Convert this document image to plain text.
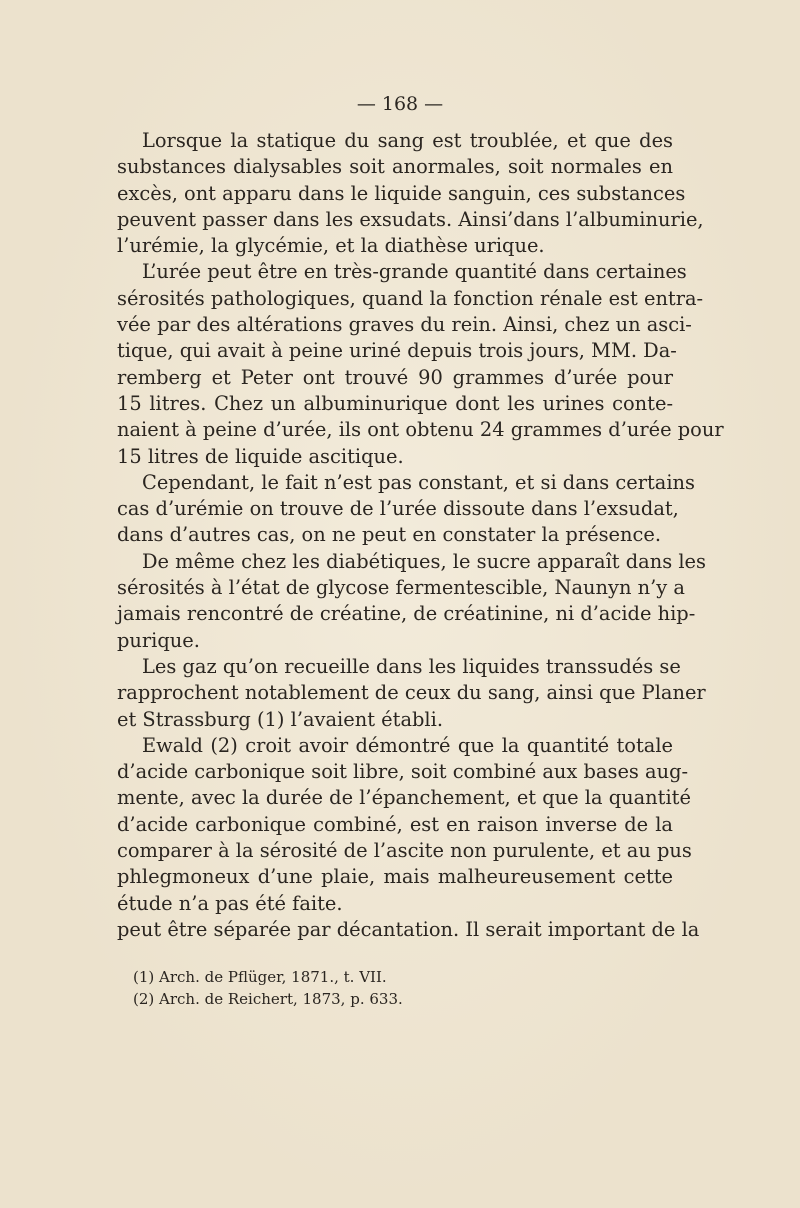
— 168 —
Lorsque la statique du sang est troublée, et que des
substances dialysables soit anormales, soit normales en
excès, ont apparu dans le liquide sanguin, ces substances
peuvent passer dans les exsudats. Ainsi’dans l’albuminurie,
l’urémie, la glycémie, et la diathèse urique.
L’urée peut être en très-grande quantité dans certaines
sérosités pathologiques, quand la fonction rénale est entra-
vée par des altérations graves du rein. Ainsi, chez un asci-
tique, qui avait à peine uriné depuis trois jours, MM. Da-
remberg et Peter ont trouvé 90 grammes d’urée pour
15 litres. Chez un albuminurique dont les urines conte-
naient à peine d’urée, ils ont obtenu 24 grammes d’urée pour
15 litres de liquide ascitique.
Cependant, le fait n’est pas constant, et si dans certains
cas d’urémie on trouve de l’urée dissoute dans l’exsudat,
dans d’autres cas, on ne peut en constater la présence.
De même chez les diabétiques, le sucre apparaît dans les
sérosités à l’état de glycose fermentescible, Naunyn n’y a
jamais rencontré de créatine, de créatinine, ni d’acide hip-
purique.
Les gaz qu’on recueille dans les liquides transsudés se
rapprochent notablement de ceux du sang, ainsi que Planer
et Strassburg (1) l’avaient établi.
Ewald (2) croit avoir démontré que la quantité totale
d’acide carbonique soit libre, soit combiné aux bases aug-
mente, avec la durée de l’épanchement, et que la quantité
d’acide carbonique combiné, est en raison inverse de la
comparer à la sérosité de l’ascite non purulente, et au pus
phlegmoneux d’une plaie, mais malheureusement cette
étude n’a pas été faite.
peut être séparée par décantation. Il serait important de la
(1) Arch. de Pflüger, 1871., t. VII.
(2) Arch. de Reichert, 1873, p. 633.
